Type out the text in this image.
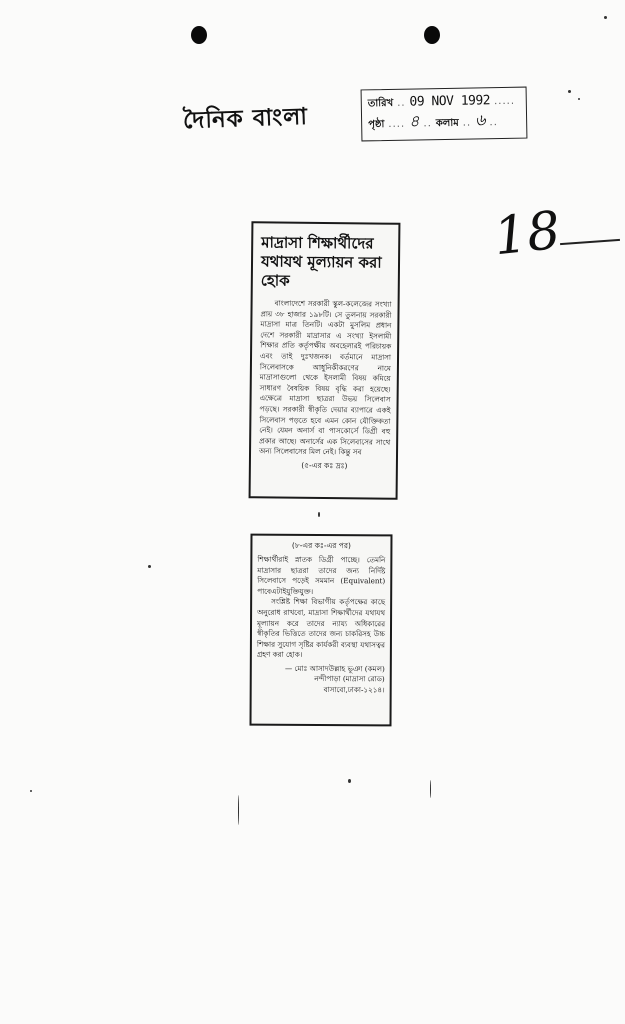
দৈনিক বাংলা	তারিখ .. 09 NOV 1992 .....
পৃষ্ঠা .... ৪ .. কলাম .. ৬ ..
18
মাদ্রাসা শিক্ষার্থীদের যথাযথ মূল্যায়ন করা হোক

বাংলাদেশে সরকারী স্কুল-কলেজের সংখ্যা প্রায় ৩৮ হাজার ১৯৮টি। সে তুলনায় সরকারী মাদ্রাসা মাত্র তিনটি। একটা মুসলিম প্রধান দেশে সরকারী মাদ্রাসার এ সংখ্যা ইসলামী শিক্ষার প্রতি কর্তৃপক্ষীয় অবহেলারই পরিচায়ক এবং তাই দুঃখজনক। বর্তমানে মাদ্রাসা সিলেবাসকে আধুনিকীকরণের নামে মাদ্রাসাগুলো থেকে ইসলামী বিষয় কমিয়ে সাধারণ বৈষয়িক বিষয় বৃদ্ধি করা হয়েছে। এক্ষেত্রে মাদ্রাসা ছাত্ররা উভয় সিলেবাস পড়ছে। সরকারী স্বীকৃতি দেয়ার ব্যাপারে একই সিলেবাস পড়তে হবে এমন কোন যৌক্তিকতা নেই। যেমন অনার্স বা পাসকোর্সে ডিগ্রী বহু প্রকার আছে। অনার্সের এক সিলেবাসের সাথে অন্য সিলেবাসের মিল নেই। কিন্তু সব

(৫-এর কঃ দ্রঃ)
(৮-এর কঃ-এর পর)

শিক্ষার্থীরাই স্নাতক ডিগ্রী পাচ্ছে। তেমনি মাদ্রাসার ছাত্ররা তাদের জন্য নির্দিষ্ট সিলেবাসে পড়েই সমমান (Equivalent) পাবেএটাইযুক্তিযুক্ত।

সংশ্লিষ্ট শিক্ষা বিভাগীয় কর্তৃপক্ষের কাছে অনুরোধ রাখবো, মাদ্রাসা শিক্ষার্থীদের যথাযথ মূল্যায়ন করে তাদের ন্যায্য অধিকারের স্বীকৃতির ভিত্তিতে তাদের জন্য চাকরিসহ উচ্চ শিক্ষার সুযোগ সৃষ্টির কার্যকরী ব্যবস্থা যথাসত্বর গ্রহণ করা হোক।

— মোঃ আসাদউল্লাহ ভূঞা (কমল)
নন্দীপাড়া (মাদ্রাসা রোড)
বাসাবো,ঢাকা-১২১৪।
